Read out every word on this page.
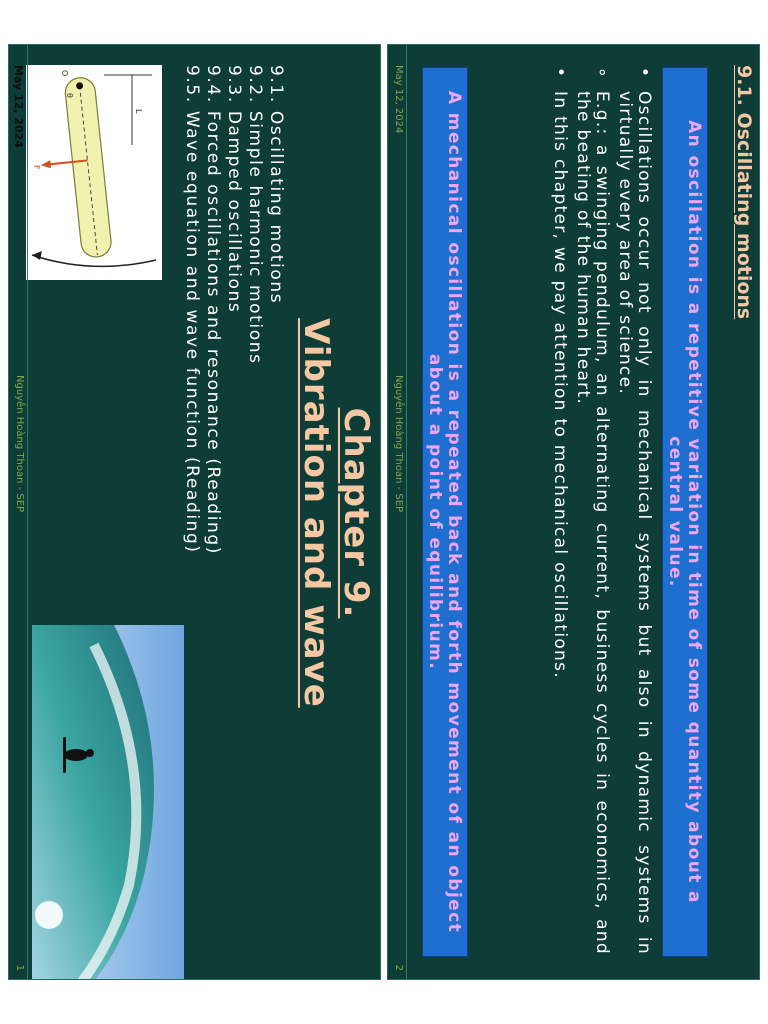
Chapter 9.
Vibration and wave
9.1. Oscillating motions
9.2. Simple harmonic motions
9.3. Damped oscillations
9.4. Forced oscillations and resonance (Reading)
9.5. Wave equation and wave function (Reading)
L
θ
O
F
May 12, 2024
Nguyễn Hoàng Thoan - SEP
1
9.1. Oscillating motions
An oscillation is a repetitive variation in time of some quantity about a central value.
•
Oscillations occur not only in mechanical systems but also in dynamic systems in virtually every area of science.
∘
E.g.: a swinging pendulum, an alternating current, business cycles in economics, and the beating of the human heart.
•
In this chapter, we pay attention to mechanical oscillations.
A mechanical oscillation is a repeated back and forth movement of an object about a point of equilibrium.
May 12, 2024
Nguyễn Hoàng Thoan - SEP
2
